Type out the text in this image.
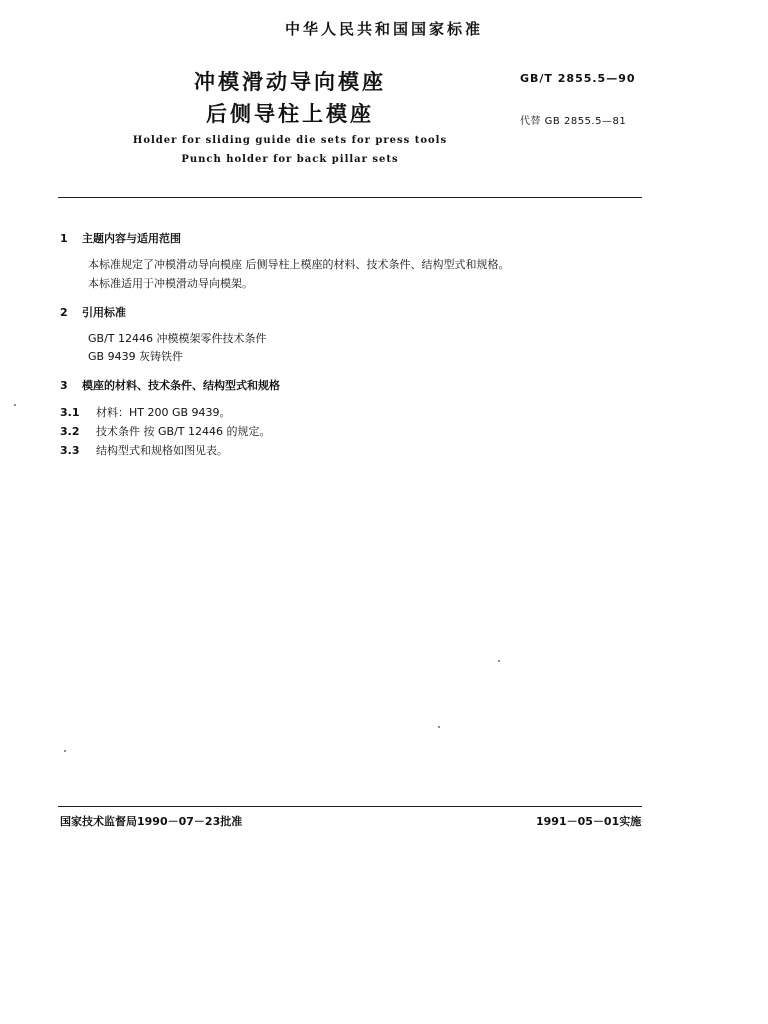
中华人民共和国国家标准
冲模滑动导向模座
后侧导柱上模座
GB/T 2855.5—90
代替 GB 2855.5—81
Holder for sliding guide die sets for press tools
Punch holder for back pillar sets
1 主题内容与适用范围
本标准规定了冲模滑动导向模座 后侧导柱上模座的材料、技术条件、结构型式和规格。
本标准适用于冲模滑动导向模架。
2 引用标准
GB/T 12446 冲模模架零件技术条件
GB 9439 灰铸铁件
3 模座的材料、技术条件、结构型式和规格
3.1 材料：HT 200 GB 9439。
3.2 技术条件 按 GB/T 12446 的规定。
3.3 结构型式和规格如图见表。
国家技术监督局1990－07－23批准	1991－05－01实施
